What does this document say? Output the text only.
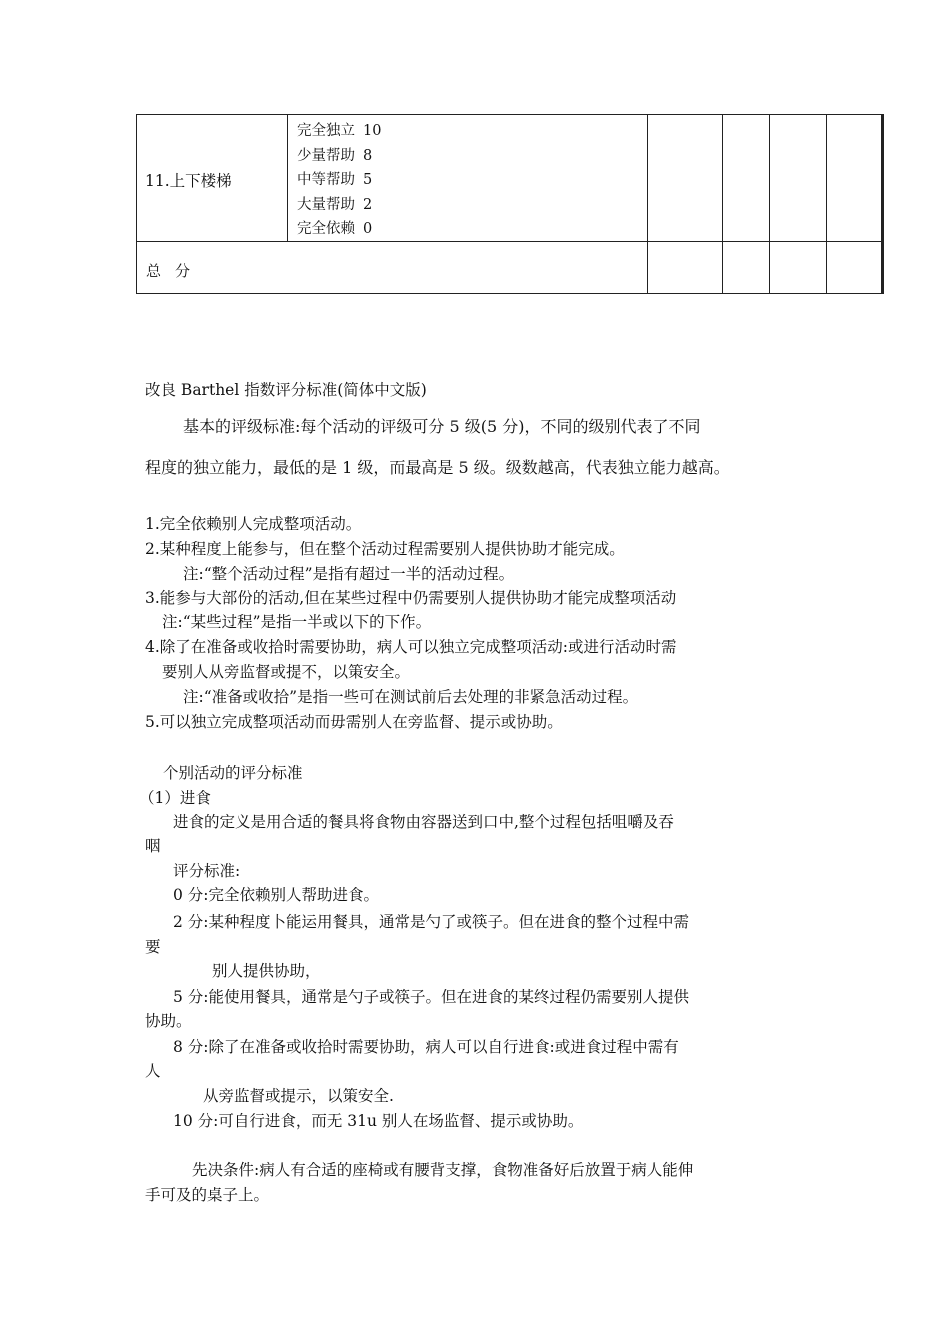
11.上下楼梯
完全独立 10
少量帮助 8
中等帮助 5
大量帮助 2
完全依赖 0
总分
改良 Barthel 指数评分标准(简体中文版)
基本的评级标准:每个活动的评级可分 5 级(5 分)，不同的级别代表了不同
程度的独立能力，最低的是 1 级，而最高是 5 级。级数越高，代表独立能力越高。
1.完全依赖别人完成整项活动。
2.某种程度上能参与，但在整个活动过程需要别人提供协助才能完成。
注:“整个活动过程”是指有超过一半的活动过程。
3.能参与大部份的活动,但在某些过程中仍需要别人提供协助才能完成整项活动
注:“某些过程”是指一半或以下的下作。
4.除了在准备或收拾时需要协助，病人可以独立完成整项活动:或进行活动时需
要别人从旁监督或提不，以策安全。
注:“准备或收拾”是指一些可在测试前后去处理的非紧急活动过程。
5.可以独立完成整项活动而毋需别人在旁监督、提示或协助。
个别活动的评分标准
（1）进食
进食的定义是用合适的餐具将食物由容器送到口中,整个过程包括咀嚼及吞
咽
评分标准:
0 分:完全依赖别人帮助进食。
2 分:某种程度卜能运用餐具，通常是勺了或筷子。但在进食的整个过程中需
要
别人提供协助，
5 分:能使用餐具，通常是勺子或筷子。但在进食的某终过程仍需要别人提供
协助。
8 分:除了在准备或收拾时需要协助，病人可以自行进食:或进食过程中需有
人
从旁监督或提示，以策安全.
10 分:可自行进食，而无 31u 别人在场监督、提示或协助。
先决条件:病人有合适的座椅或有腰背支撑，食物准备好后放置于病人能伸
手可及的桌子上。
